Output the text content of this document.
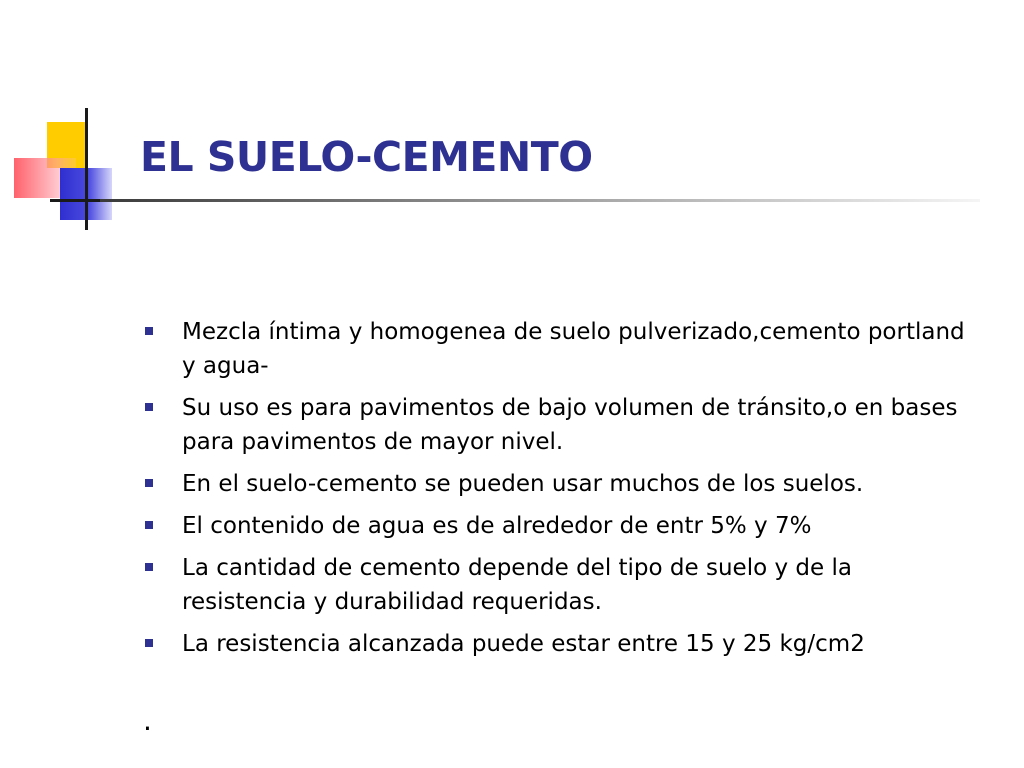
EL SUELO-CEMENTO
Mezcla íntima y homogenea de suelo pulverizado,cemento portland y agua-
Su uso es para pavimentos de bajo volumen de tránsito,o en bases para pavimentos de mayor nivel.
En el suelo-cemento se pueden usar muchos de los suelos.
El contenido de agua es de alrededor de entr 5% y 7%
La cantidad de cemento depende del tipo de suelo y de la resistencia y durabilidad requeridas.
La resistencia alcanzada puede estar entre 15 y 25 kg/cm2
.
